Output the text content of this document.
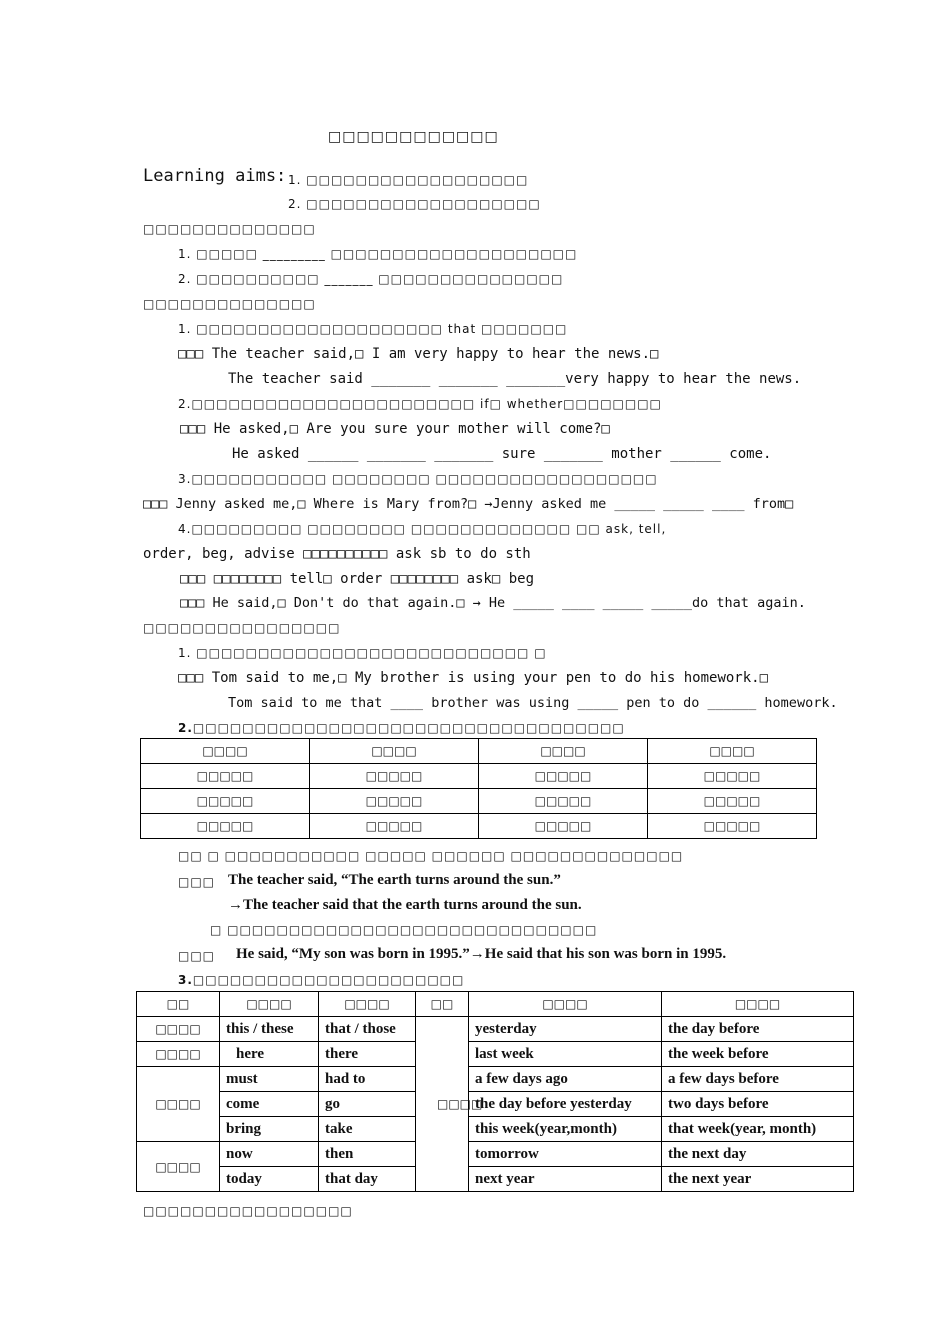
□□□□□□□□□□□□
Learning aims: 1. □□□□□□□□□□□□□□□□□□
2. □□□□□□□□□□□□□□□□□□□
□□□□□□□□□□□□□□
1. □□□□□ _________ □□□□□□□□□□□□□□□□□□□□
2. □□□□□□□□□□ _______ □□□□□□□□□□□□□□□
□□□□□□□□□□□□□□
1. □□□□□□□□□□□□□□□□□□□□ that □□□□□□□
□□□ The teacher said,□ I am very happy to hear the news.□
The teacher said _______ _______ _______very happy to hear the news.
2.□□□□□□□□□□□□□□□□□□□□□□□ if□ whether□□□□□□□□
□□□ He asked,□ Are you sure your mother will come?□
He asked ______ _______ _______ sure _______ mother ______ come.
3.□□□□□□□□□□□ □□□□□□□□ □□□□□□□□□□□□□□□□□□
□□□ Jenny asked me,□ Where is Mary from?□ →Jenny asked me _____ _____ ____ from□
4.□□□□□□□□□ □□□□□□□□ □□□□□□□□□□□□□ □□ ask, tell,
order, beg, advise □□□□□□□□□□ ask sb to do sth
□□□ □□□□□□□□ tell□ order □□□□□□□□ ask□ beg
□□□ He said,□ Don't do that again.□ → He _____ ____ _____ _____do that again.
□□□□□□□□□□□□□□□□
1. □□□□□□□□□□□□□□□□□□□□□□□□□□□ □
□□□ Tom said to me,□ My brother is using your pen to do his homework.□
Tom said to me that ____ brother was using _____ pen to do ______ homework.
2.□□□□□□□□□□□□□□□□□□□□□□□□□□□□□□□□□□□
□□□□	□□□□	□□□□	□□□□
□□□□□	□□□□□	□□□□□	□□□□□
□□□□□	□□□□□	□□□□□	□□□□□
□□□□□	□□□□□	□□□□□	□□□□□
□□ □ □□□□□□□□□□□ □□□□□ □□□□□□ □□□□□□□□□□□□□□
□□□ The teacher said, “The earth turns around the sun.”
→The teacher said that the earth turns around the sun.
□ □□□□□□□□□□□□□□□□□□□□□□□□□□□□□□
□□□ He said, “My son was born in 1995.”→He said that his son was born in 1995.
3.□□□□□□□□□□□□□□□□□□□□□□
□□	□□□□	□□□□	□□	□□□□	□□□□
□□□□	this / these	that / those	□□□□	yesterday	the day before
□□□□	here	there		last week	the week before
□□□□	must	had to		a few days ago	a few days before
	come	go		the day before yesterday	two days before
	bring	take		this week(year,month)	that week(year, month)
□□□□	now	then		tomorrow	the next day
	today	that day		next year	the next year
□□□□□□□□□□□□□□□□□
